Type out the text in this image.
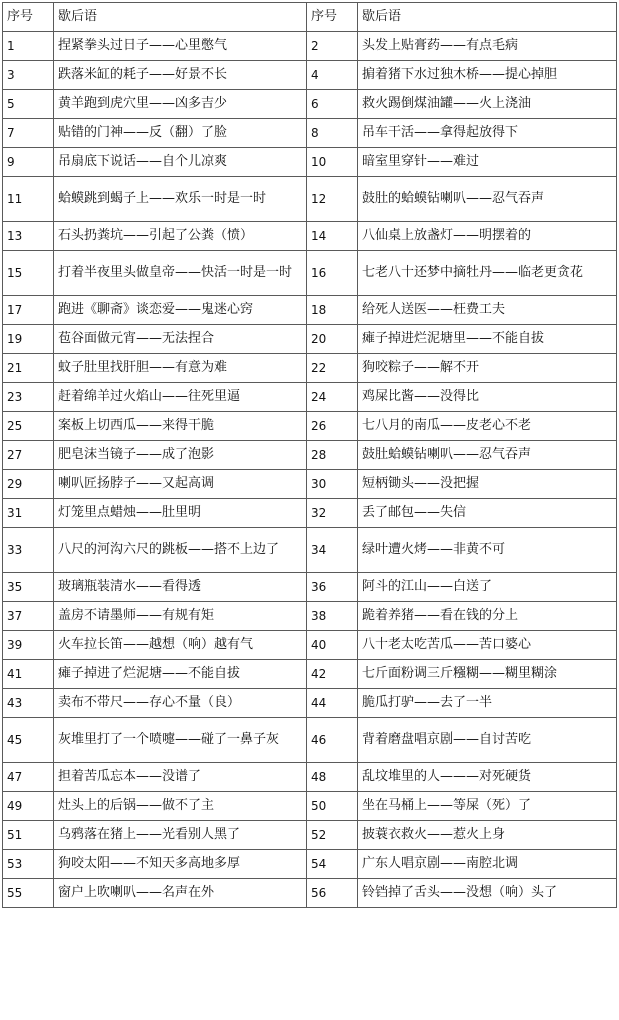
序号	歇后语	序号	歇后语
1	捏紧拳头过日子——心里憋气	2	头发上贴膏药——有点毛病
3	跌落米缸的耗子——好景不长	4	掮着猪下水过独木桥——提心掉胆
5	黄羊跑到虎穴里——凶多吉少	6	救火踢倒煤油罐——火上浇油
7	贴错的门神——反（翻）了脸	8	吊车干活——拿得起放得下
9	吊扇底下说话——自个儿凉爽	10	暗室里穿针——难过
11	蛤蟆跳到蝎子上——欢乐一时是一时	12	鼓肚的蛤蟆钻喇叭——忍气吞声
13	石头扔粪坑——引起了公粪（愤）	14	八仙桌上放盏灯——明摆着的
15	打着半夜里头做皇帝——快活一时是一时	16	七老八十还梦中摘牡丹——临老更贪花
17	跑进《聊斋》谈恋爱——鬼迷心窍	18	给死人送医——枉费工夫
19	苞谷面做元宵——无法捏合	20	瘫子掉进烂泥塘里——不能自拔
21	蚊子肚里找肝胆——有意为难	22	狗咬粽子——解不开
23	赶着绵羊过火焰山——往死里逼	24	鸡屎比酱——没得比
25	案板上切西瓜——来得干脆	26	七八月的南瓜——皮老心不老
27	肥皂沫当镜子——成了泡影	28	鼓肚蛤蟆钻喇叭——忍气吞声
29	喇叭匠扬脖子——又起高调	30	短柄锄头——没把握
31	灯笼里点蜡烛——肚里明	32	丢了邮包——失信
33	八尺的河沟六尺的跳板——搭不上边了	34	绿叶遭火烤——非黄不可
35	玻璃瓶装清水——看得透	36	阿斗的江山——白送了
37	盖房不请墨师——有规有矩	38	跪着养猪——看在钱的分上
39	火车拉长笛——越想（响）越有气	40	八十老太吃苦瓜——苦口婆心
41	瘫子掉进了烂泥塘——不能自拔	42	七斤面粉调三斤糨糊——糊里糊涂
43	卖布不带尺——存心不量（良）	44	脆瓜打驴——去了一半
45	灰堆里打了一个喷嚏——碰了一鼻子灰	46	背着磨盘唱京剧——自讨苦吃
47	担着苦瓜忘本——没谱了	48	乱坟堆里的人———对死硬货
49	灶头上的后锅——做不了主	50	坐在马桶上——等屎（死）了
51	乌鸦落在猪上——光看别人黑了	52	披蓑衣救火——惹火上身
53	狗咬太阳——不知天多高地多厚	54	广东人唱京剧——南腔北调
55	窗户上吹喇叭——名声在外	56	铃铛掉了舌头——没想（响）头了
